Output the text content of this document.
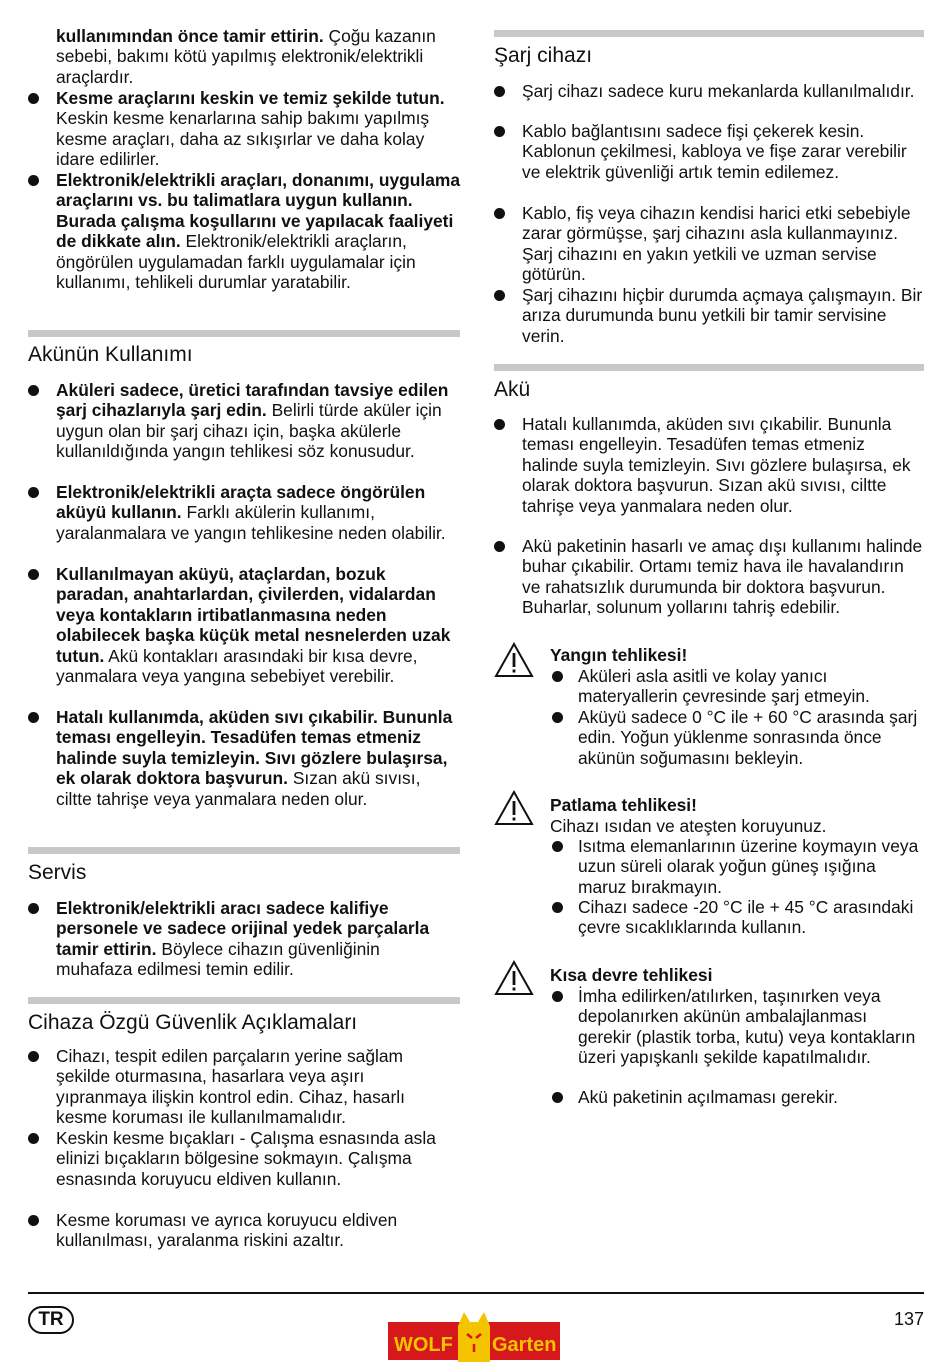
kullanımından önce tamir ettirin. Çoğu kazanın sebebi, bakımı kötü yapılmış elektronik/elektrikli araçlardır.

Kesme araçlarını keskin ve temiz şekilde tutun. Keskin kesme kenarlarına sahip bakımı yapılmış kesme araçları, daha az sıkışırlar ve daha kolay idare edilirler.

Elektronik/elektrikli araçları, donanımı, uygulama araçlarını vs. bu talimatlara uygun kullanın. Burada çalışma koşullarını ve yapılacak faaliyeti de dikkate alın. Elektronik/elektrikli araçların, öngörülen uygulamadan farklı uygulamalar için kullanımı, tehlikeli durumlar yaratabilir.

Akünün Kullanımı

Aküleri sadece, üretici tarafından tavsiye edilen şarj cihazlarıyla şarj edin. Belirli türde aküler için uygun olan bir şarj cihazı için, başka akülerle kullanıldığında yangın tehlikesi söz konusudur.

Elektronik/elektrikli araçta sadece öngörülen aküyü kullanın. Farklı akülerin kullanımı, yaralanmalara ve yangın tehlikesine neden olabilir.

Kullanılmayan aküyü, ataçlardan, bozuk paradan, anahtarlardan, çivilerden, vidalardan veya kontakların irtibatlanmasına neden olabilecek başka küçük metal nesnelerden uzak tutun. Akü kontakları arasındaki bir kısa devre, yanmalara veya yangına sebebiyet verebilir.

Hatalı kullanımda, aküden sıvı çıkabilir. Bununla teması engelleyin. Tesadüfen temas etmeniz halinde suyla temizleyin. Sıvı gözlere bulaşırsa, ek olarak doktora başvurun. Sızan akü sıvısı, ciltte tahrişe veya yanmalara neden olur.

Servis

Elektronik/elektrikli aracı sadece kalifiye personele ve sadece orijinal yedek parçalarla tamir ettirin. Böylece cihazın güvenliğinin muhafaza edilmesi temin edilir.

Cihaza Özgü Güvenlik Açıklamaları

Cihazı, tespit edilen parçaların yerine sağlam şekilde oturmasına, hasarlara veya aşırı yıpranmaya ilişkin kontrol edin. Cihaz, hasarlı kesme koruması ile kullanılmamalıdır.

Keskin kesme bıçakları - Çalışma esnasında asla elinizi bıçakların bölgesine sokmayın. Çalışma esnasında koruyucu eldiven kullanın.

Kesme koruması ve ayrıca koruyucu eldiven kullanılması, yaralanma riskini azaltır.

Şarj cihazı

Şarj cihazı sadece kuru mekanlarda kullanılmalıdır.

Kablo bağlantısını sadece fişi çekerek kesin. Kablonun çekilmesi, kabloya ve fişe zarar verebilir ve elektrik güvenliği artık temin edilemez.

Kablo, fiş veya cihazın kendisi harici etki sebebiyle zarar görmüşse, şarj cihazını asla kullanmayınız. Şarj cihazını en yakın yetkili ve uzman servise götürün.

Şarj cihazını hiçbir durumda açmaya çalışmayın. Bir arıza durumunda bunu yetkili bir tamir servisine verin.

Akü

Hatalı kullanımda, aküden sıvı çıkabilir. Bununla teması engelleyin. Tesadüfen temas etmeniz halinde suyla temizleyin. Sıvı gözlere bulaşırsa, ek olarak doktora başvurun. Sızan akü sıvısı, ciltte tahrişe veya yanmalara neden olur.

Akü paketinin hasarlı ve amaç dışı kullanımı halinde buhar çıkabilir. Ortamı temiz hava ile havalandırın ve rahatsızlık durumunda bir doktora başvurun. Buharlar, solunum yollarını tahriş edebilir.

Yangın tehlikesi!

Aküleri asla asitli ve kolay yanıcı materyallerin çevresinde şarj etmeyin.

Aküyü sadece 0 °C ile + 60 °C arasında şarj edin. Yoğun yüklenme sonrasında önce akünün soğumasını bekleyin.

Patlama tehlikesi!

Cihazı ısıdan ve ateşten koruyunuz.

Isıtma elemanlarının üzerine koymayın veya uzun süreli olarak yoğun güneş ışığına maruz bırakmayın.

Cihazı sadece -20 °C ile + 45 °C arasındaki çevre sıcaklıklarında kullanın.

Kısa devre tehlikesi

İmha edilirken/atılırken, taşınırken veya depolanırken akünün ambalajlanması gerekir (plastik torba, kutu) veya kontakların üzeri yapışkanlı şekilde kapatılmalıdır.

Akü paketinin açılmaması gerekir.

TR	137
WOLF Garten
